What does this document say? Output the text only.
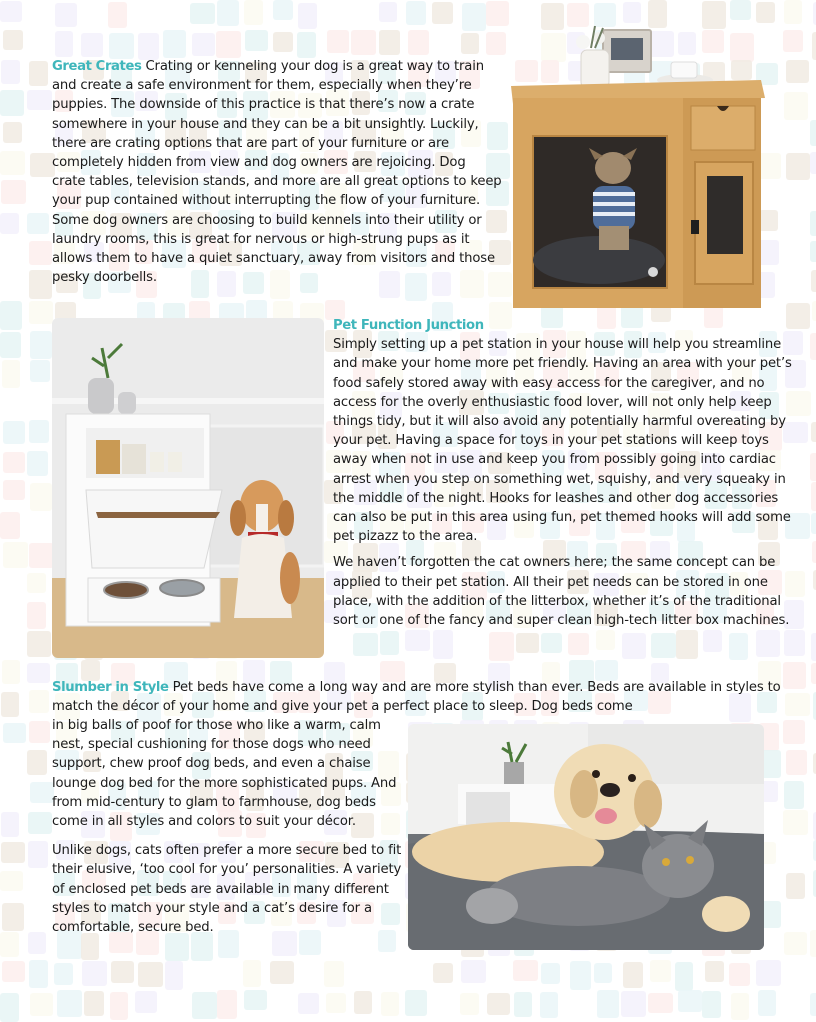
Great Crates Crating or kenneling your dog is a great way to train and create a safe environment for them, especially when they’re puppies. The downside of this practice is that there’s now a crate somewhere in your house and they can be a bit unsightly. Luckily, there are crating options that are part of your furniture or are completely hidden from view and dog owners are rejoicing. Dog crate tables, television stands, and more are all great options to keep your pup contained without interrupting the flow of your furniture. Some dog owners are choosing to build kennels into their utility or laundry rooms, this is great for nervous or high-strung pups as it allows them to have a quiet sanctuary, away from visitors and those pesky doorbells.

Pet Function Junction

Simply setting up a pet station in your house will help you streamline and make your home more pet friendly. Having an area with your pet’s food safely stored away with easy access for the caregiver, and no access for the overly enthusiastic food lover, will not only help keep things tidy, but it will also avoid any potentially harmful overeating by your pet. Having a space for toys in your pet stations will keep toys away when not in use and keep you from possibly going into cardiac arrest when you step on something wet, squishy, and very squeaky in the middle of the night. Hooks for leashes and other dog accessories can also be put in this area using fun, pet themed hooks will add some pet pizazz to the area.

We haven’t forgotten the cat owners here; the same concept can be applied to their pet station. All their pet needs can be stored in one place, with the addition of the litterbox, whether it’s of the traditional sort or one of the fancy and super clean high-tech litter box machines.

Slumber in Style Pet beds have come a long way and are more stylish than ever. Beds are available in styles to match the décor of your home and give your pet a perfect place to sleep. Dog beds come

in big balls of poof for those who like a warm, calm nest, special cushioning for those dogs who need support, chew proof dog beds, and even a chaise lounge dog bed for the more sophisticated pups. And from mid-century to glam to farmhouse, dog beds come in all styles and colors to suit your décor.

Unlike dogs, cats often prefer a more secure bed to fit their elusive, ‘too cool for you’ personalities. A variety of enclosed pet beds are available in many different styles to match your style and a cat’s desire for a comfortable, secure bed.
